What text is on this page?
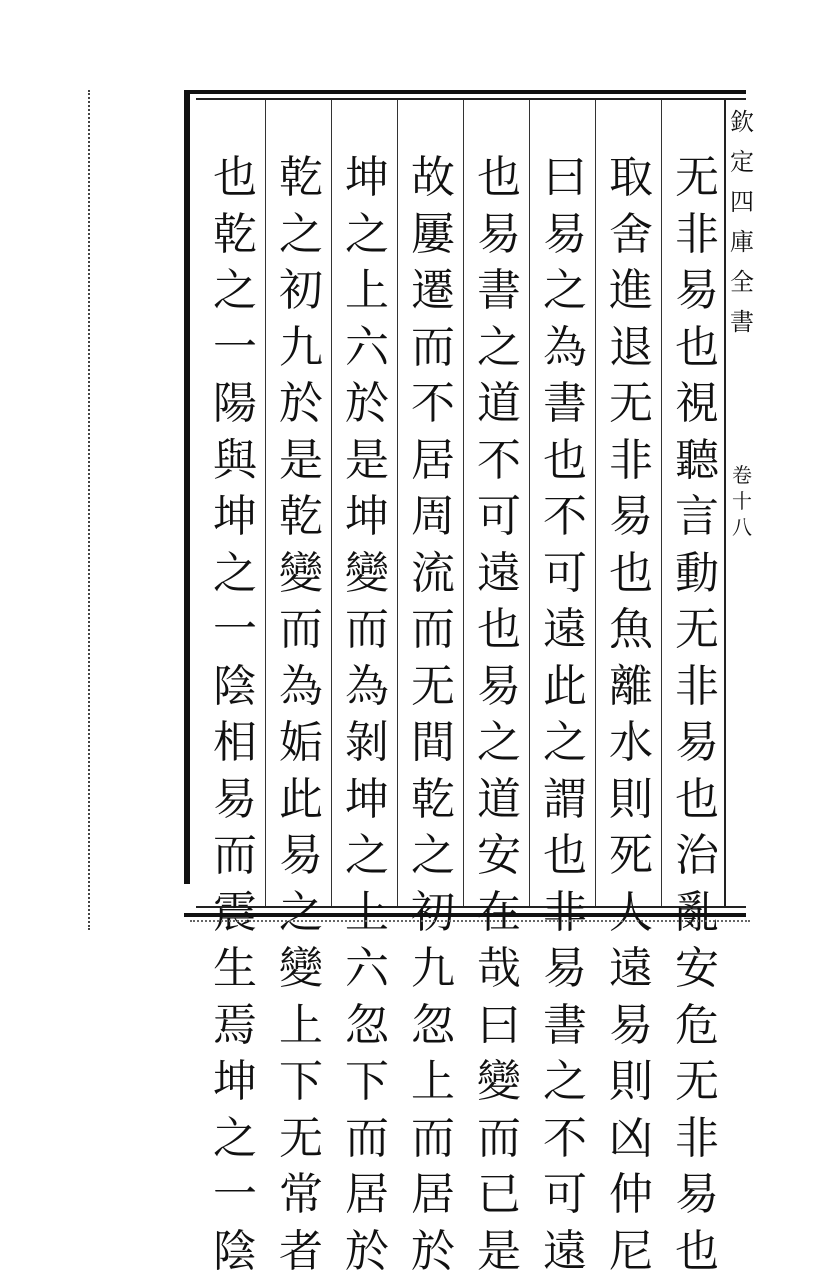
欽
定
四
庫
全
書
卷
十
八
无
非
易
也
視
聽
言
動
无
非
易
也
治
亂
安
危
无
非
易
也
取
舍
進
退
无
非
易
也
魚
離
水
則
死
人
遠
易
則
凶
仲
尼
曰
易
之
為
書
也
不
可
遠
此
之
謂
也
非
易
書
之
不
可
遠
也
易
書
之
道
不
可
遠
也
易
之
道
安
在
哉
曰
變
而
已
是
故
屢
遷
而
不
居
周
流
而
无
間
乾
之
初
九
忽
上
而
居
於
坤
之
上
六
於
是
坤
變
而
為
剝
坤
之
上
六
忽
下
而
居
於
乾
之
初
九
於
是
乾
變
而
為
姤
此
易
之
變
上
下
无
常
者
也
乾
之
一
陽
與
坤
之
一
陰
相
易
而
震
生
焉
坤
之
一
陰
